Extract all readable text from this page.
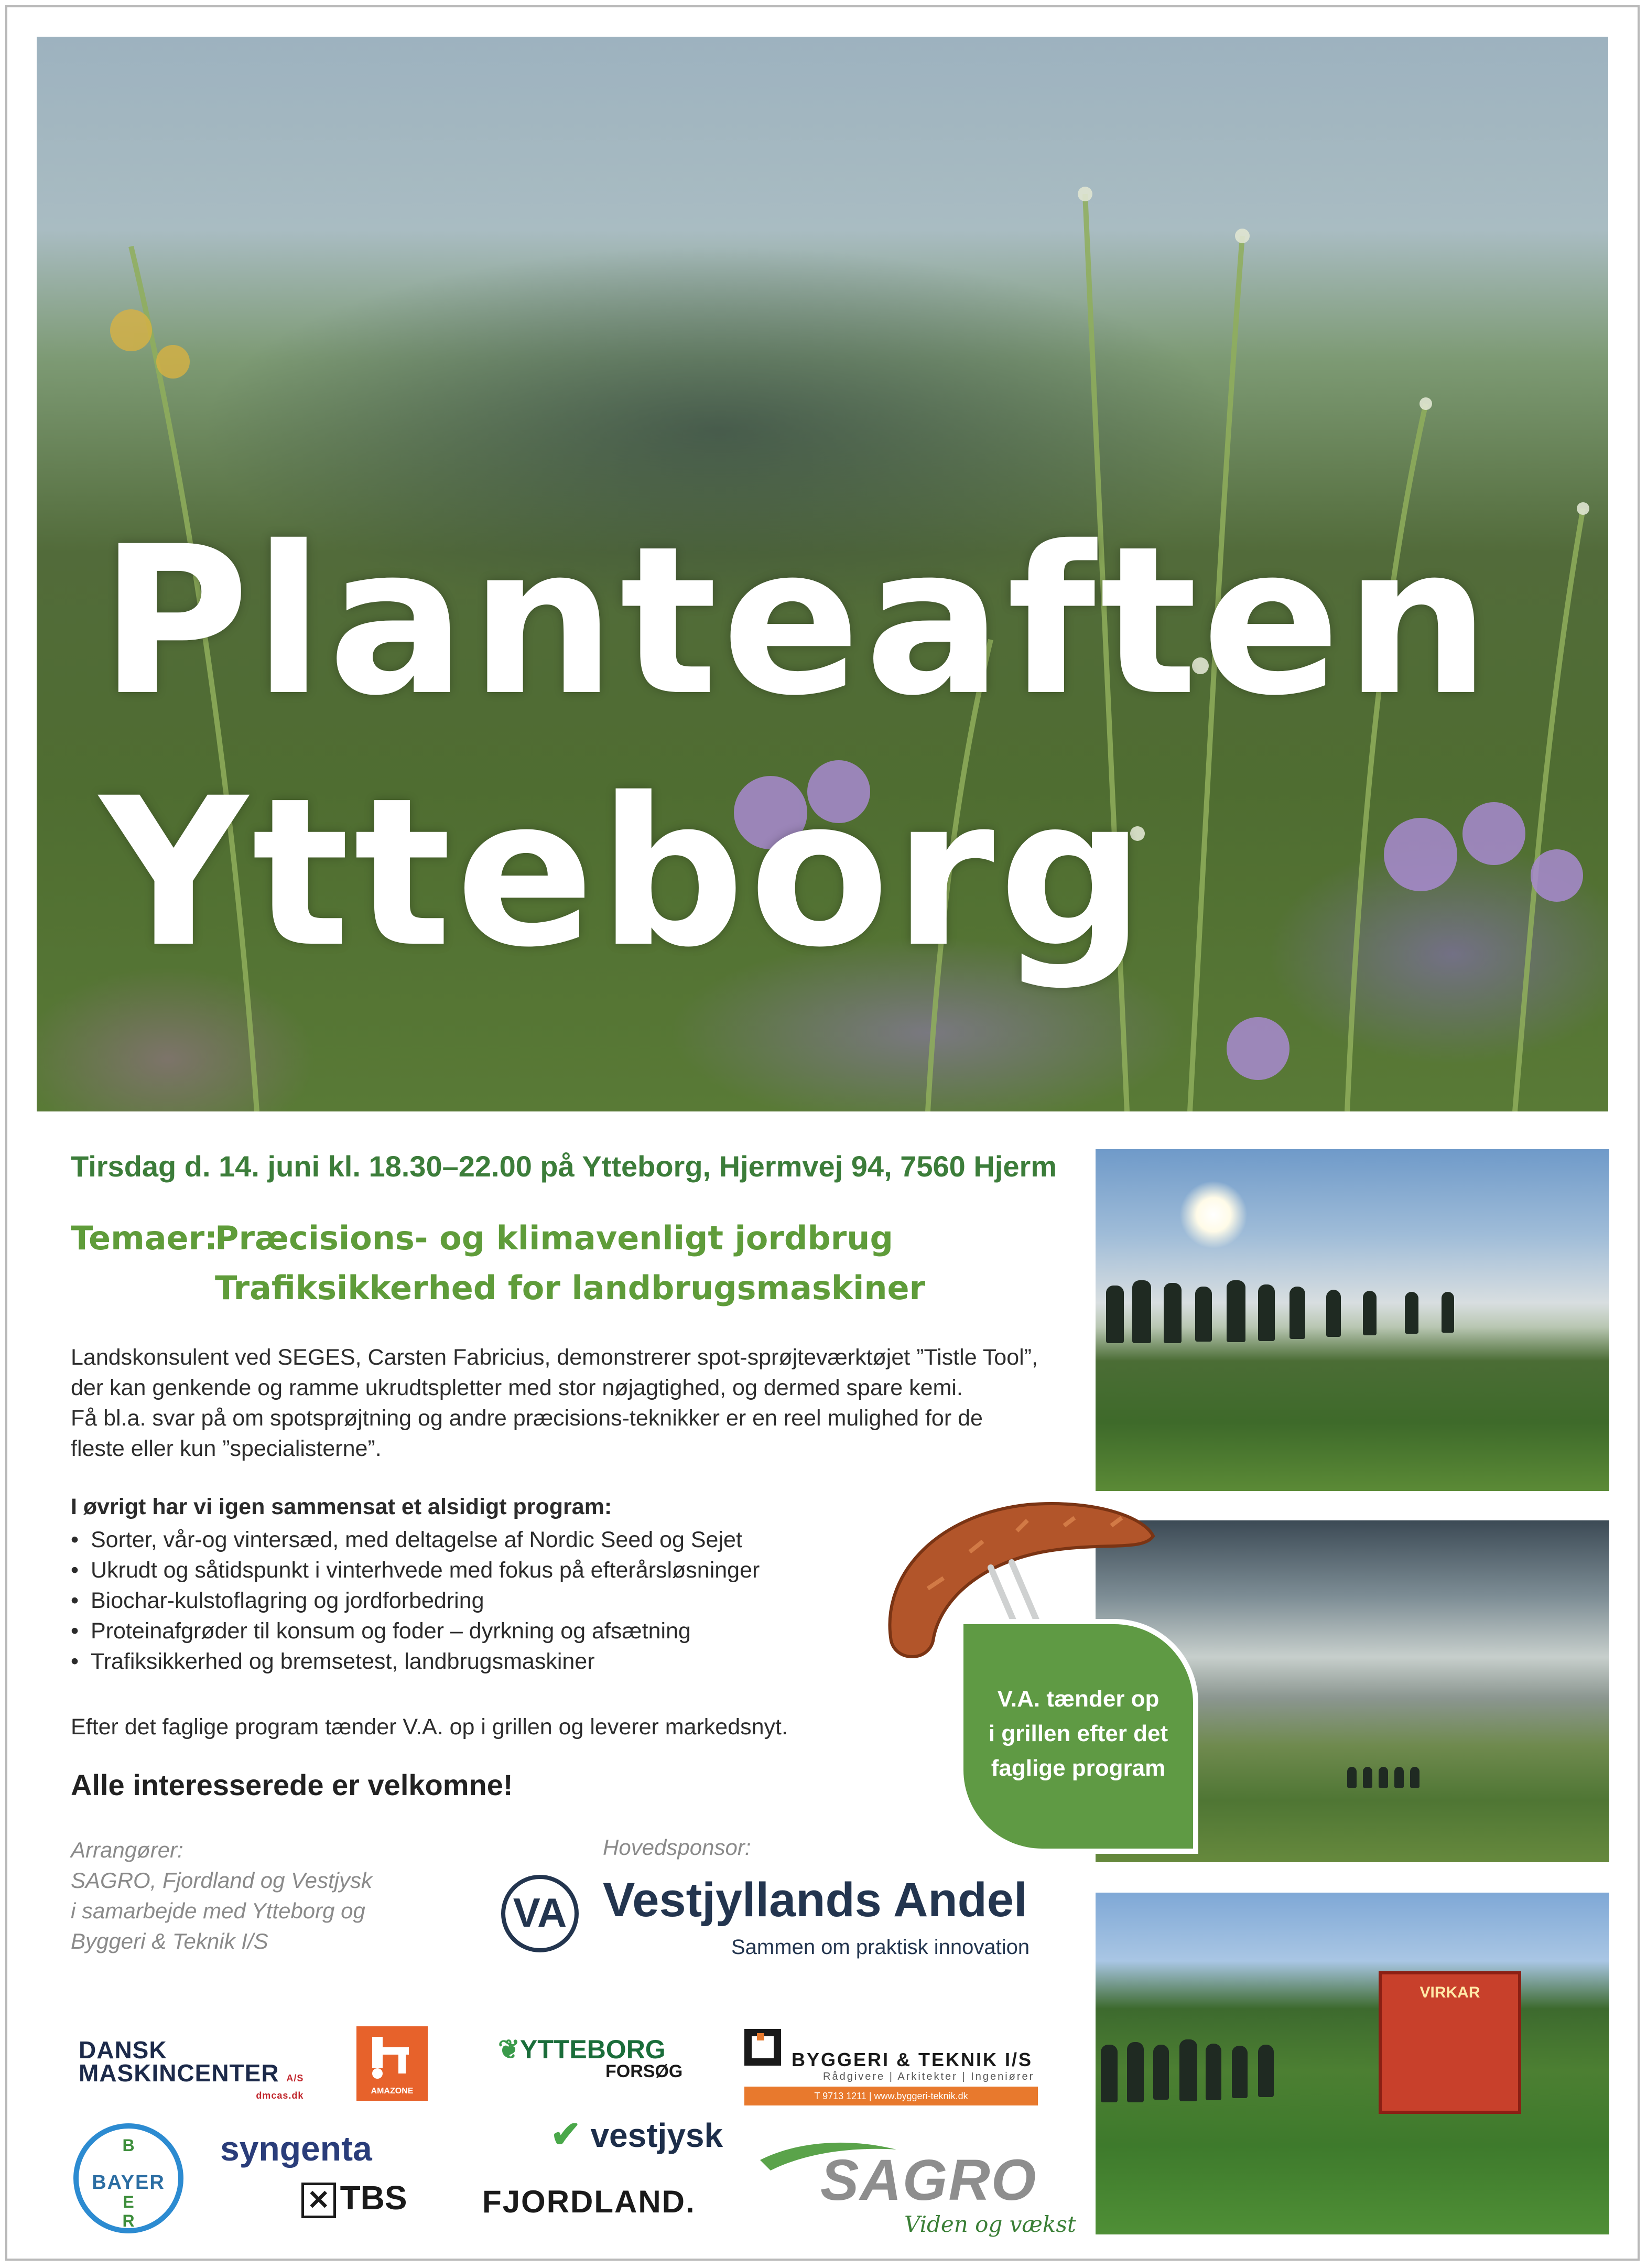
Planteaften
Ytteborg
Tirsdag d. 14. juni kl. 18.30–22.00 på Ytteborg, Hjermvej 94, 7560 Hjerm
Temaer:
Præcisions- og klimavenligt jordbrug
Trafiksikkerhed for landbrugsmaskiner
Landskonsulent ved SEGES, Carsten Fabricius, demonstrerer spot-sprøjteværktøjet ”Tistle Tool”,
der kan genkende og ramme ukrudtspletter med stor nøjagtighed, og dermed spare kemi.
Få bl.a. svar på om spotsprøjtning og andre præcisions-teknikker er en reel mulighed for de
fleste eller kun ”specialisterne”.
I øvrigt har vi igen sammensat et alsidigt program:
• Sorter, vår-og vintersæd, med deltagelse af Nordic Seed og Sejet
• Ukrudt og såtidspunkt i vinterhvede med fokus på efterårsløsninger
• Biochar-kulstoflagring og jordforbedring
• Proteinafgrøder til konsum og foder – dyrkning og afsætning
• Trafiksikkerhed og bremsetest, landbrugsmaskiner
Efter det faglige program tænder V.A. op i grillen og leverer markedsnyt.
Alle interesserede er velkomne!
Arrangører:
SAGRO, Fjordland og Vestjysk
i samarbejde med Ytteborg og
Byggeri & Teknik I/S
Hovedsponsor:
VA Vestjyllands Andel
Sammen om praktisk innovation
VIRKAR
V.A. tænder op
i grillen efter det
faglige program
DANSK
MASKINCENTER A/S
dmcas.dk	AMAZONE
B
E
R
BAYER
syngenta
✕ TBS
❦YTTEBORG
FORSØG
✔ vestjysk
FJORDLAND.
BYGGERI & TEKNIK I/S
Rådgivere | Arkitekter | Ingeniører
T 9713 1211 | www.byggeri-teknik.dk
SAGRO
Viden og vækst
